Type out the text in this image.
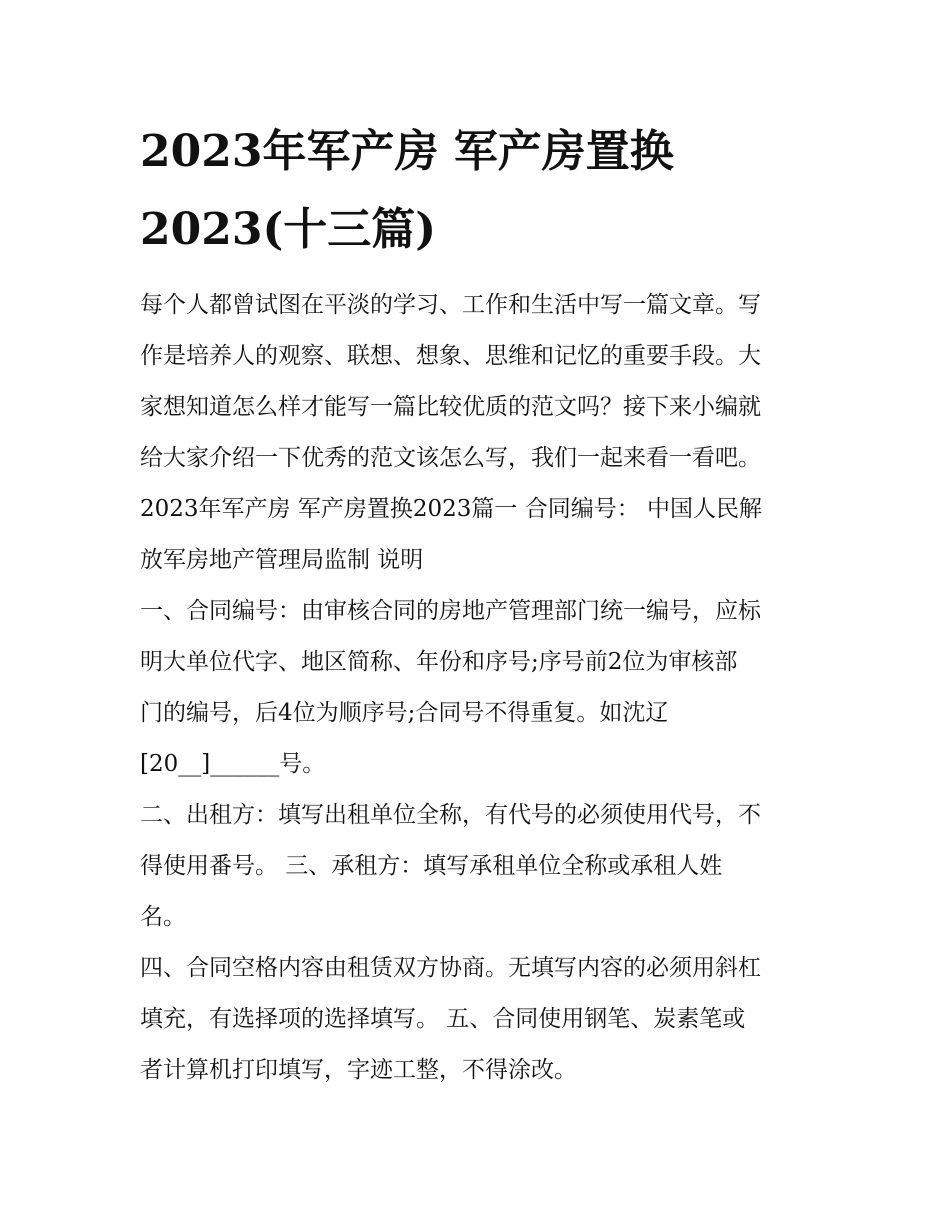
2023年军产房 军产房置换
2023(十三篇)
每个人都曾试图在平淡的学习、工作和生活中写一篇文章。写
作是培养人的观察、联想、想象、思维和记忆的重要手段。大
家想知道怎么样才能写一篇比较优质的范文吗？接下来小编就
给大家介绍一下优秀的范文该怎么写，我们一起来看一看吧。
2023年军产房 军产房置换2023篇一 合同编号： 中国人民解
放军房地产管理局监制 说明
一、合同编号：由审核合同的房地产管理部门统一编号，应标
明大单位代字、地区简称、年份和序号;序号前2位为审核部
门的编号，后4位为顺序号;合同号不得重复。如沈辽
[20__]______号。
二、出租方：填写出租单位全称，有代号的必须使用代号，不
得使用番号。 三、承租方：填写承租单位全称或承租人姓
名。
四、合同空格内容由租赁双方协商。无填写内容的必须用斜杠
填充，有选择项的选择填写。 五、合同使用钢笔、炭素笔或
者计算机打印填写，字迹工整，不得涂改。
